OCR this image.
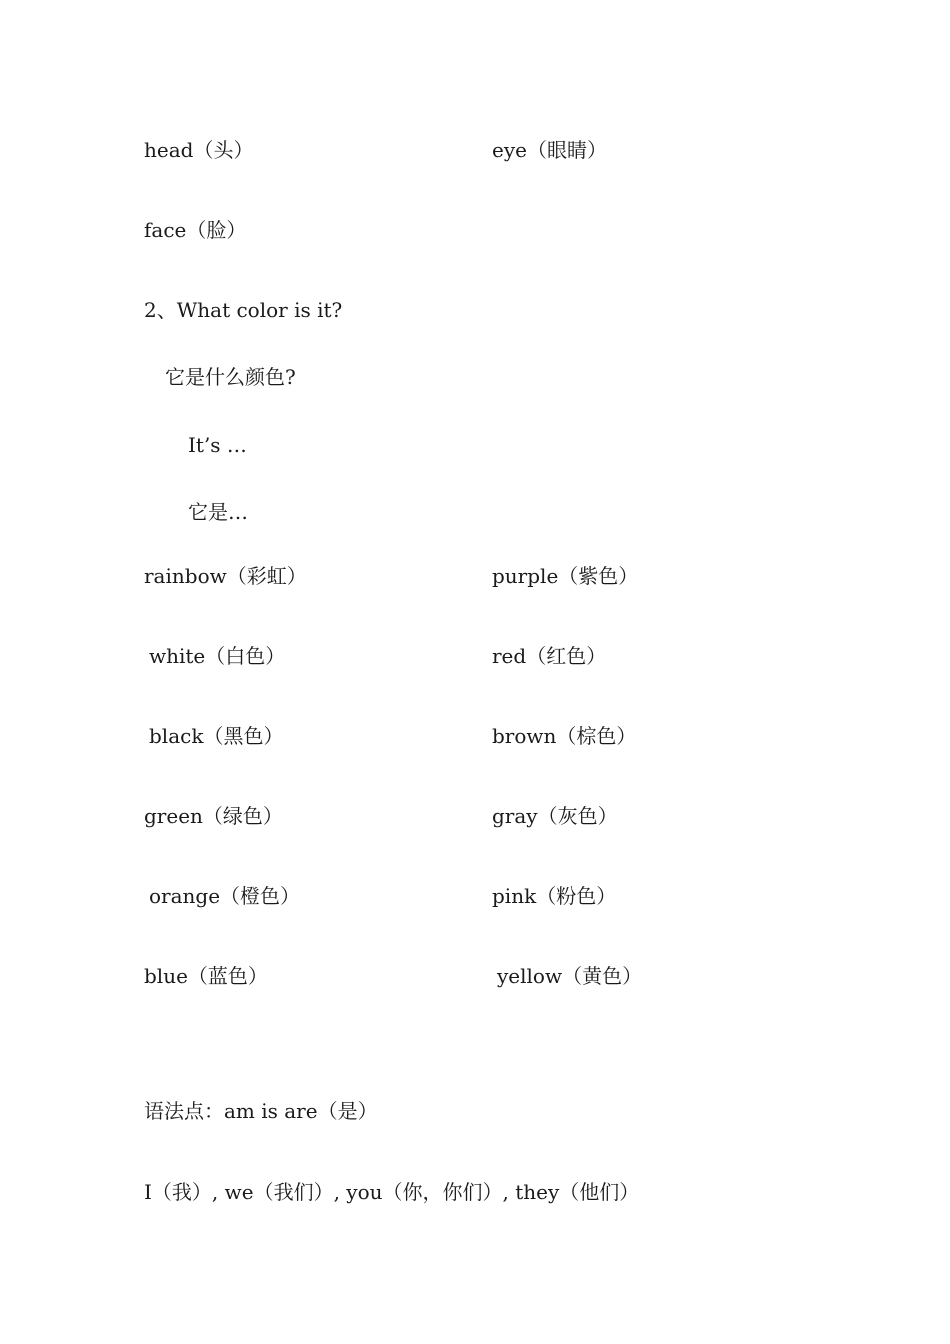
head（头）	eye（眼睛）
face（脸）
2、What color is it?
它是什么颜色?
It’s …
它是…
rainbow（彩虹）	purple（紫色）
white（白色）	red（红色）
black（黑色）	brown（棕色）
green（绿色）	gray（灰色）
orange（橙色）	pink（粉色）
blue（蓝色）	yellow（黄色）
语法点：am is are（是）
I（我）, we（我们）, you（你，你们）, they（他们）
